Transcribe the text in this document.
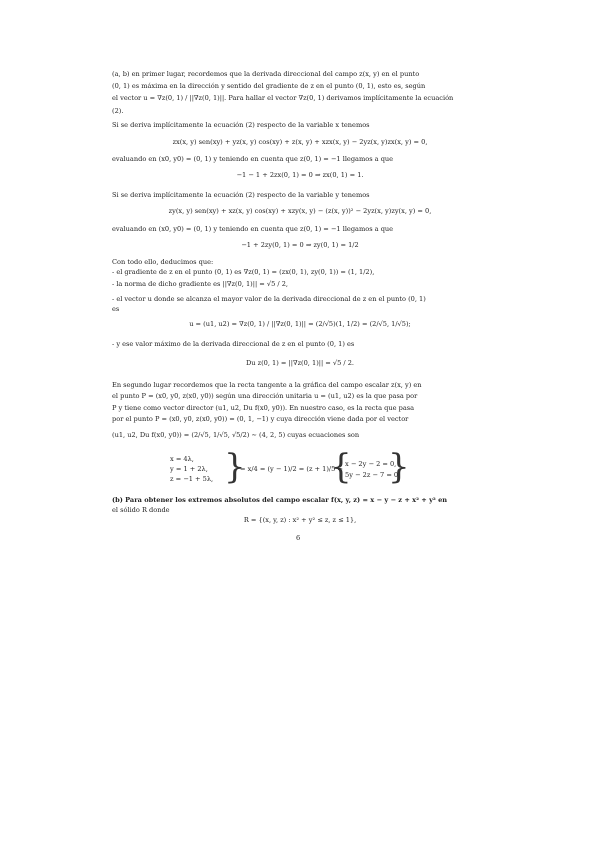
(a, b) en primer lugar, recordemos que la derivada direccional del campo z(x, y) en el punto
(0, 1) es máxima en la dirección y sentido del gradiente de z en el punto (0, 1), esto es, según
el vector u = ∇z(0, 1) / ||∇z(0, 1)||. Para hallar el vector ∇z(0, 1) derivamos implícitamente la ecuación
(2).
Si se deriva implícitamente la ecuación (2) respecto de la variable x tenemos
zx(x, y) sen(xy) + yz(x, y) cos(xy) + z(x, y) + xzx(x, y) − 2yz(x, y)zx(x, y) = 0,
evaluando en (x0, y0) = (0, 1) y teniendo en cuenta que z(0, 1) = −1 llegamos a que
−1 − 1 + 2zx(0, 1) = 0 ⇒ zx(0, 1) = 1.
Si se deriva implícitamente la ecuación (2) respecto de la variable y tenemos
zy(x, y) sen(xy) + xz(x, y) cos(xy) + xzy(x, y) − (z(x, y))² − 2yz(x, y)zy(x, y) = 0,
evaluando en (x0, y0) = (0, 1) y teniendo en cuenta que z(0, 1) = −1 llegamos a que
−1 + 2zy(0, 1) = 0 ⇒ zy(0, 1) = 1/2
Con todo ello, deducimos que:
- el gradiente de z en el punto (0, 1) es ∇z(0, 1) = (zx(0, 1), zy(0, 1)) = (1, 1/2),
- la norma de dicho gradiente es ||∇z(0, 1)|| = √5 / 2,
- el vector u donde se alcanza el mayor valor de la derivada direccional de z en el punto (0, 1)
es
u = (u1, u2) = ∇z(0, 1) / ||∇z(0, 1)|| = (2/√5)(1, 1/2) = (2/√5, 1/√5);
- y ese valor máximo de la derivada direccional de z en el punto (0, 1) es
Du z(0, 1) = ||∇z(0, 1)|| = √5 / 2.
En segundo lugar recordemos que la recta tangente a la gráfica del campo escalar z(x, y) en
el punto P = (x0, y0, z(x0, y0)) según una dirección unitaria u = (u1, u2) es la que pasa por
P y tiene como vector director (u1, u2, Du f(x0, y0)). En nuestro caso, es la recta que pasa
por el punto P = (x0, y0, z(x0, y0)) = (0, 1, −1) y cuya dirección viene dada por el vector
(u1, u2, Du f(x0, y0)) = (2/√5, 1/√5, √5/2) ∼ (4, 2, 5) cuyas ecuaciones son
x = 4λ,
y = 1 + 2λ,
z = −1 + 5λ, }
= x/4 = (y − 1)/2 = (z + 1)/5 =
{
x − 2y − 2 = 0,
5y − 2z − 7 = 0.
}
(b) Para obtener los extremos absolutos del campo escalar f(x, y, z) = x − y − z + x² + y² en
el sólido R donde
R = {(x, y, z) : x² + y² ≤ z, z ≤ 1},
6
